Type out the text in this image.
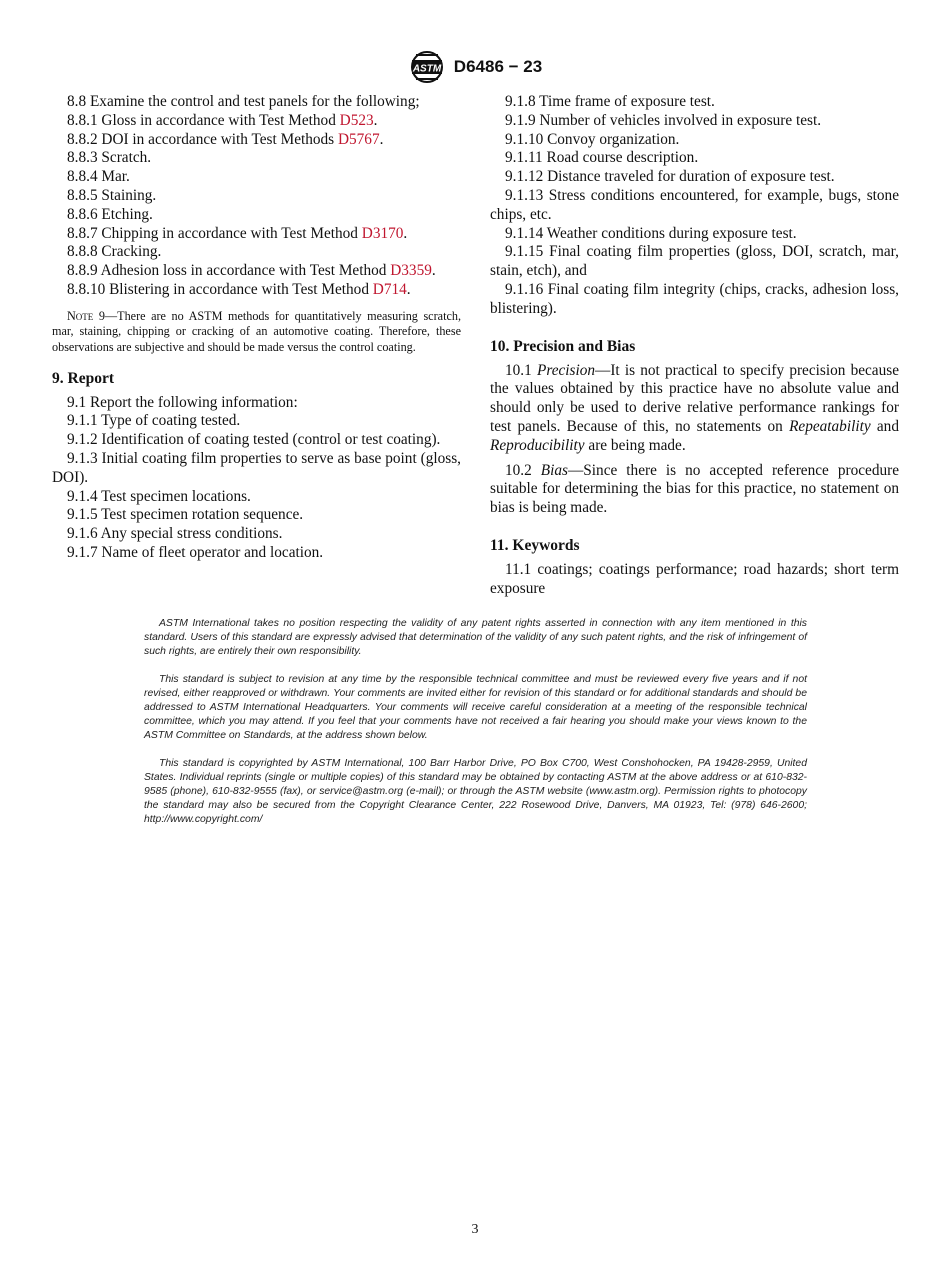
ASTM D6486 − 23

8.8 Examine the control and test panels for the following;

8.8.1 Gloss in accordance with Test Method D523.

8.8.2 DOI in accordance with Test Methods D5767.

8.8.3 Scratch.

8.8.4 Mar.

8.8.5 Staining.

8.8.6 Etching.

8.8.7 Chipping in accordance with Test Method D3170.

8.8.8 Cracking.

8.8.9 Adhesion loss in accordance with Test Method D3359.

8.8.10 Blistering in accordance with Test Method D714.

Note 9—There are no ASTM methods for quantitatively measuring scratch, mar, staining, chipping or cracking of an automotive coating. Therefore, these observations are subjective and should be made versus the control coating.

9. Report

9.1 Report the following information:

9.1.1 Type of coating tested.

9.1.2 Identification of coating tested (control or test coating).

9.1.3 Initial coating film properties to serve as base point (gloss, DOI).

9.1.4 Test specimen locations.

9.1.5 Test specimen rotation sequence.

9.1.6 Any special stress conditions.

9.1.7 Name of fleet operator and location.

9.1.8 Time frame of exposure test.

9.1.9 Number of vehicles involved in exposure test.

9.1.10 Convoy organization.

9.1.11 Road course description.

9.1.12 Distance traveled for duration of exposure test.

9.1.13 Stress conditions encountered, for example, bugs, stone chips, etc.

9.1.14 Weather conditions during exposure test.

9.1.15 Final coating film properties (gloss, DOI, scratch, mar, stain, etch), and

9.1.16 Final coating film integrity (chips, cracks, adhesion loss, blistering).

10. Precision and Bias

10.1 Precision—It is not practical to specify precision because the values obtained by this practice have no absolute value and should only be used to derive relative performance rankings for test panels. Because of this, no statements on Repeatability and Reproducibility are being made.

10.2 Bias—Since there is no accepted reference procedure suitable for determining the bias for this practice, no statement on bias is being made.

11. Keywords

11.1 coatings; coatings performance; road hazards; short term exposure

ASTM International takes no position respecting the validity of any patent rights asserted in connection with any item mentioned in this standard. Users of this standard are expressly advised that determination of the validity of any such patent rights, and the risk of infringement of such rights, are entirely their own responsibility.

This standard is subject to revision at any time by the responsible technical committee and must be reviewed every five years and if not revised, either reapproved or withdrawn. Your comments are invited either for revision of this standard or for additional standards and should be addressed to ASTM International Headquarters. Your comments will receive careful consideration at a meeting of the responsible technical committee, which you may attend. If you feel that your comments have not received a fair hearing you should make your views known to the ASTM Committee on Standards, at the address shown below.

This standard is copyrighted by ASTM International, 100 Barr Harbor Drive, PO Box C700, West Conshohocken, PA 19428-2959, United States. Individual reprints (single or multiple copies) of this standard may be obtained by contacting ASTM at the above address or at 610-832-9585 (phone), 610-832-9555 (fax), or service@astm.org (e-mail); or through the ASTM website (www.astm.org). Permission rights to photocopy the standard may also be secured from the Copyright Clearance Center, 222 Rosewood Drive, Danvers, MA 01923, Tel: (978) 646-2600; http://www.copyright.com/

3
